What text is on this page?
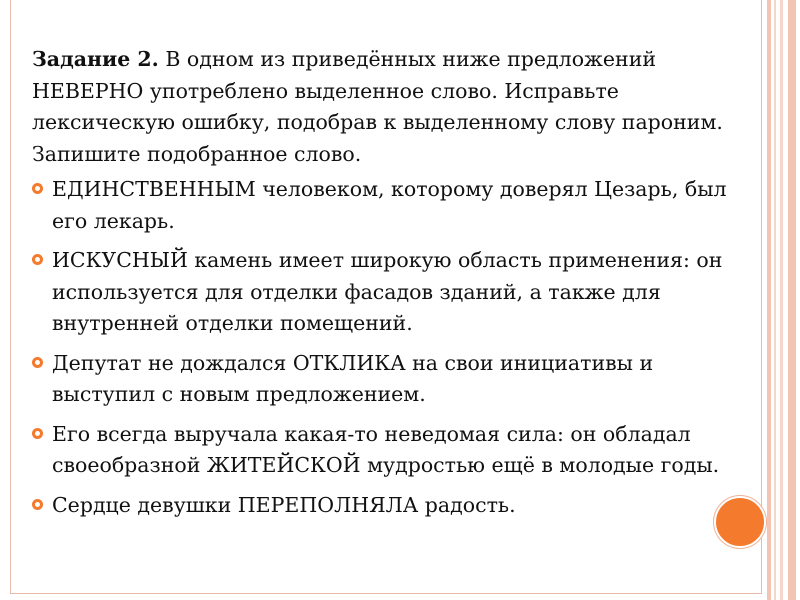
Задание 2. В одном из приведённых ниже предложений НЕВЕРНО употреблено выделенное слово. Исправьте лексическую ошибку, подобрав к выделенному слову пароним. Запишите подобранное слово.
ЕДИНСТВЕННЫМ человеком, которому доверял Цезарь, был его лекарь.
ИСКУСНЫЙ камень имеет широкую область применения: он используется для отделки фасадов зданий, а также для внутренней отделки помещений.
Депутат не дождался ОТКЛИКА на свои инициативы и выступил с новым предложением.
Его всегда выручала какая-то неведомая сила: он обладал своеобразной ЖИТЕЙСКОЙ мудростью ещё в молодые годы.
Сердце девушки ПЕРЕПОЛНЯЛА радость.
